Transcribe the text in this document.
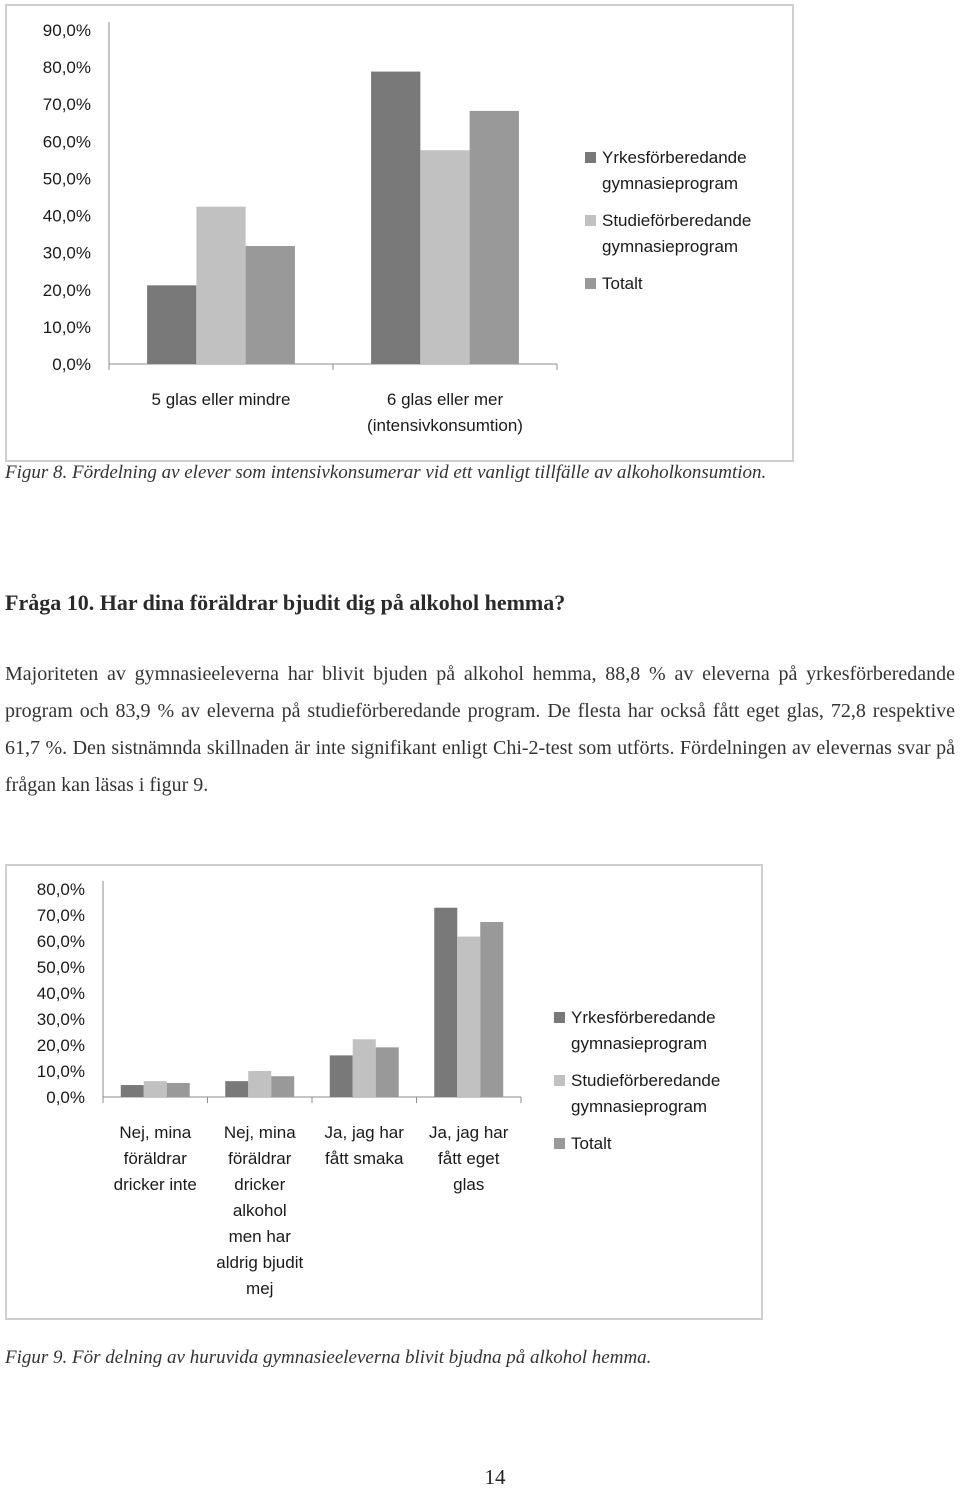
0,0%
10,0%
20,0%
30,0%
40,0%
50,0%
60,0%
70,0%
80,0%
90,0%
5 glas eller mindre	6 glas eller mer
(intensivkonsumtion)
Yrkesförberedande
gymnasieprogram
Studieförberedande
gymnasieprogram
Totalt
Figur 8. Fördelning av elever som intensivkonsumerar vid ett vanligt tillfälle av alkoholkonsumtion.
Fråga 10. Har dina föräldrar bjudit dig på alkohol hemma?
Majoriteten av gymnasieeleverna har blivit bjuden på alkohol hemma, 88,8 % av eleverna på yrkesförberedande program och 83,9 % av eleverna på studieförberedande program. De flesta har också fått eget glas, 72,8 respektive 61,7 %. Den sistnämnda skillnaden är inte signifikant enligt Chi-2-test som utförts. Fördelningen av elevernas svar på frågan kan läsas i figur 9.
0,0%
10,0%
20,0%
30,0%
40,0%
50,0%
60,0%
70,0%
80,0%
Nej, mina
föräldrar
dricker inte
Nej, mina
föräldrar
dricker
alkohol
men har
aldrig bjudit
mej
Ja, jag har
fått smaka
Ja, jag har
fått eget
glas
Yrkesförberedande
gymnasieprogram
Studieförberedande
gymnasieprogram
Totalt
Figur 9. För delning av huruvida gymnasieeleverna blivit bjudna på alkohol hemma.
14
